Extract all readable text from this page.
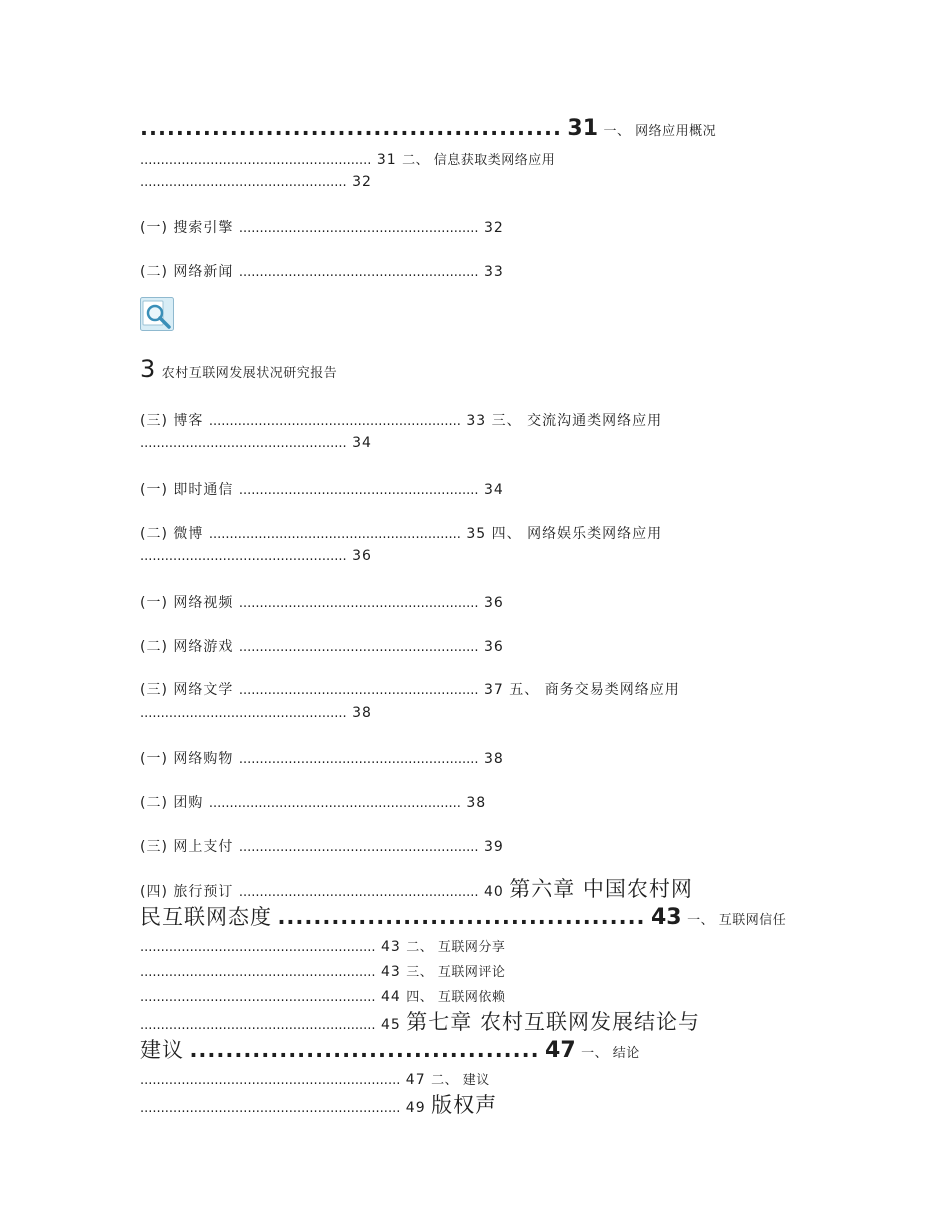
............................................... 31 一、 网络应用概况
........................................................ 31 二、 信息获取类网络应用
.................................................. 32
(一) 搜索引擎 .......................................................... 32
(二) 网络新闻 .......................................................... 33
3 农村互联网发展状况研究报告
(三) 博客 ............................................................. 33 三、 交流沟通类网络应用
.................................................. 34
(一) 即时通信 .......................................................... 34
(二) 微博 ............................................................. 35 四、 网络娱乐类网络应用
.................................................. 36
(一) 网络视频 .......................................................... 36
(二) 网络游戏 .......................................................... 36
(三) 网络文学 .......................................................... 37 五、 商务交易类网络应用
.................................................. 38
(一) 网络购物 .......................................................... 38
(二) 团购 ............................................................. 38
(三) 网上支付 .......................................................... 39
(四) 旅行预订 .......................................................... 40 第六章 中国农村网
民互联网态度 ......................................... 43 一、 互联网信任
......................................................... 43 二、 互联网分享
......................................................... 43 三、 互联网评论
......................................................... 44 四、 互联网依赖
......................................................... 45 第七章 农村互联网发展结论与
建议 ....................................... 47 一、 结论
............................................................... 47 二、 建议
............................................................... 49 版权声
